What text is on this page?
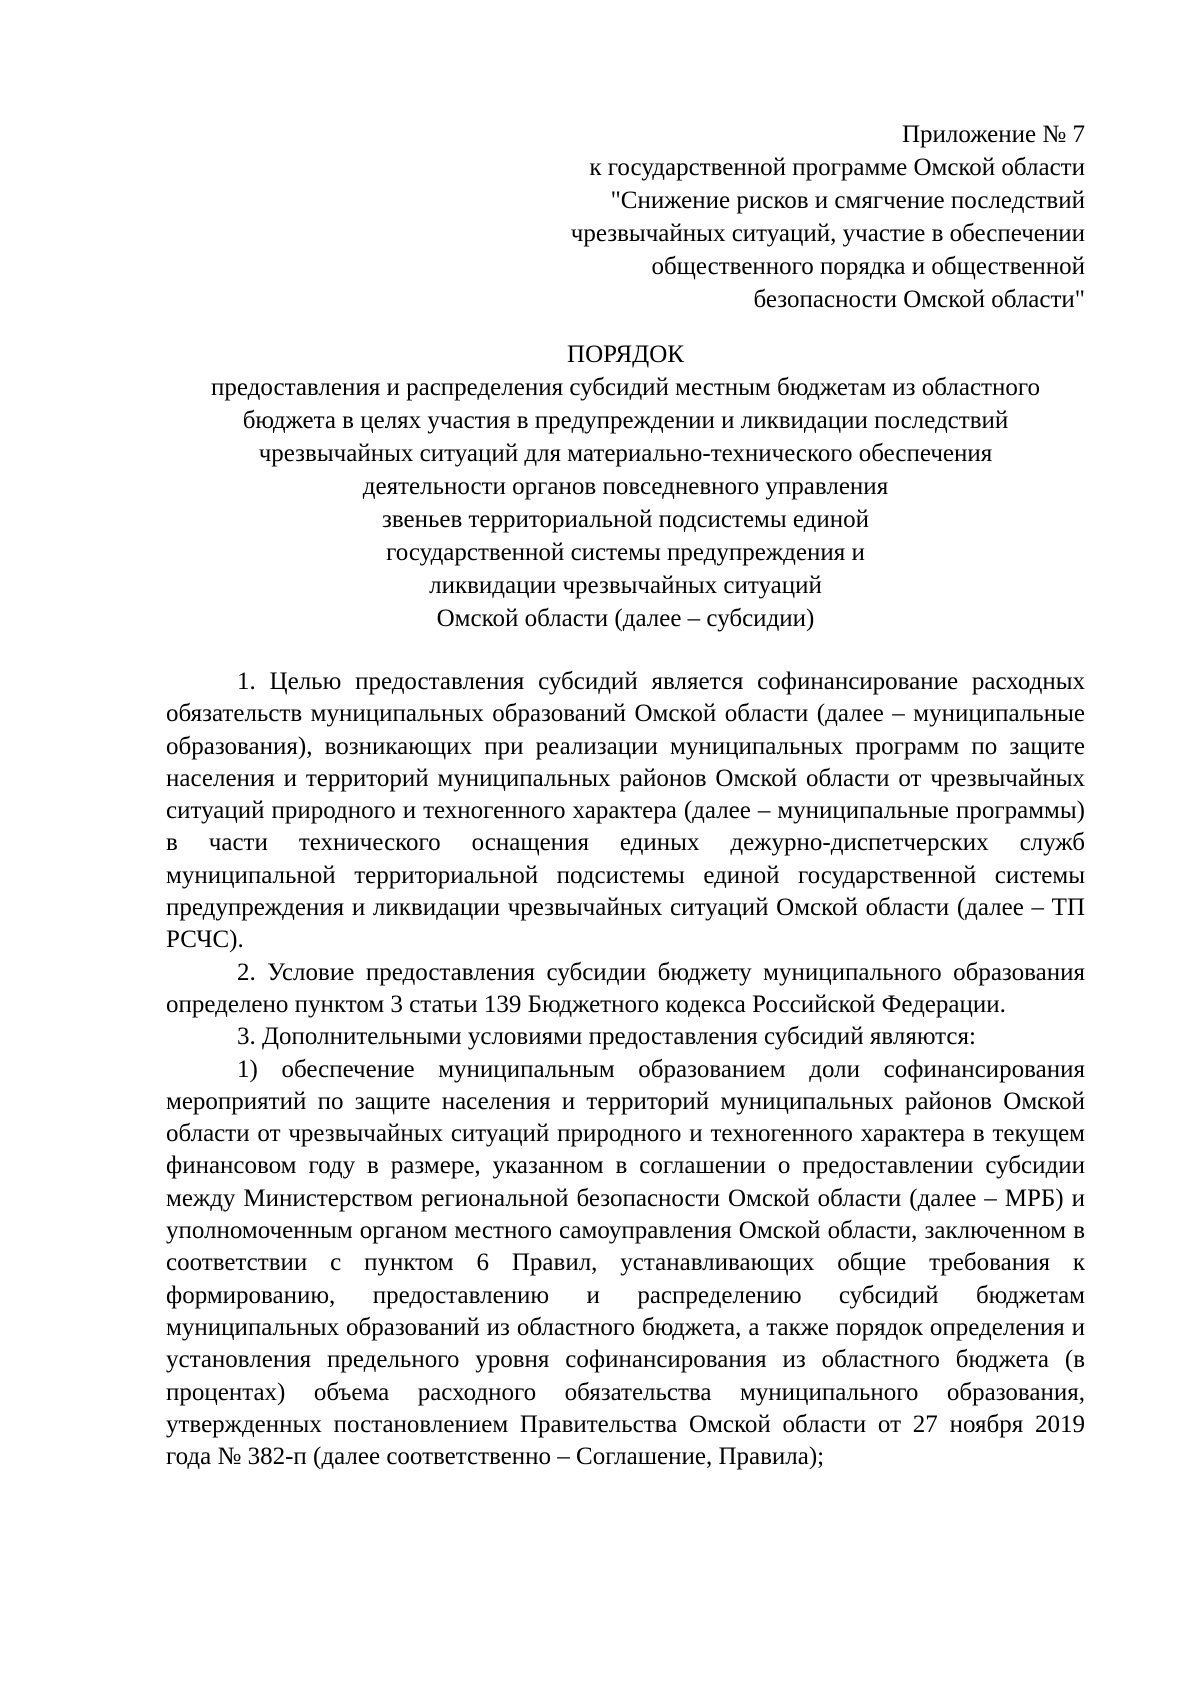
Приложение № 7
к государственной программе Омской области
"Снижение рисков и смягчение последствий
чрезвычайных ситуаций, участие в обеспечении
общественного порядка и общественной
безопасности Омской области"
ПОРЯДОК
предоставления и распределения субсидий местным бюджетам из областного
бюджета в целях участия в предупреждении и ликвидации последствий
чрезвычайных ситуаций для материально-технического обеспечения
деятельности органов повседневного управления
звеньев территориальной подсистемы единой
государственной системы предупреждения и
ликвидации чрезвычайных ситуаций
Омской области (далее – субсидии)

1. Целью предоставления субсидий является софинансирование расходных обязательств муниципальных образований Омской области (далее – муниципальные образования), возникающих при реализации муниципальных программ по защите населения и территорий муниципальных районов Омской области от чрезвычайных ситуаций природного и техногенного характера (далее – муниципальные программы) в части технического оснащения единых дежурно-диспетчерских служб муниципальной территориальной подсистемы единой государственной системы предупреждения и ликвидации чрезвычайных ситуаций Омской области (далее – ТП РСЧС).

2. Условие предоставления субсидии бюджету муниципального образования определено пунктом 3 статьи 139 Бюджетного кодекса Российской Федерации.

3. Дополнительными условиями предоставления субсидий являются:

1) обеспечение муниципальным образованием доли софинансирования мероприятий по защите населения и территорий муниципальных районов Омской области от чрезвычайных ситуаций природного и техногенного характера в текущем финансовом году в размере, указанном в соглашении о предоставлении субсидии между Министерством региональной безопасности Омской области (далее – МРБ) и уполномоченным органом местного самоуправления Омской области, заключенном в соответствии с пунктом 6 Правил, устанавливающих общие требования к формированию, предоставлению и распределению субсидий бюджетам муниципальных образований из областного бюджета, а также порядок определения и установления предельного уровня софинансирования из областного бюджета (в процентах) объема расходного обязательства муниципального образования, утвержденных постановлением Правительства Омской области от 27 ноября 2019 года № 382-п (далее соответственно – Соглашение, Правила);
